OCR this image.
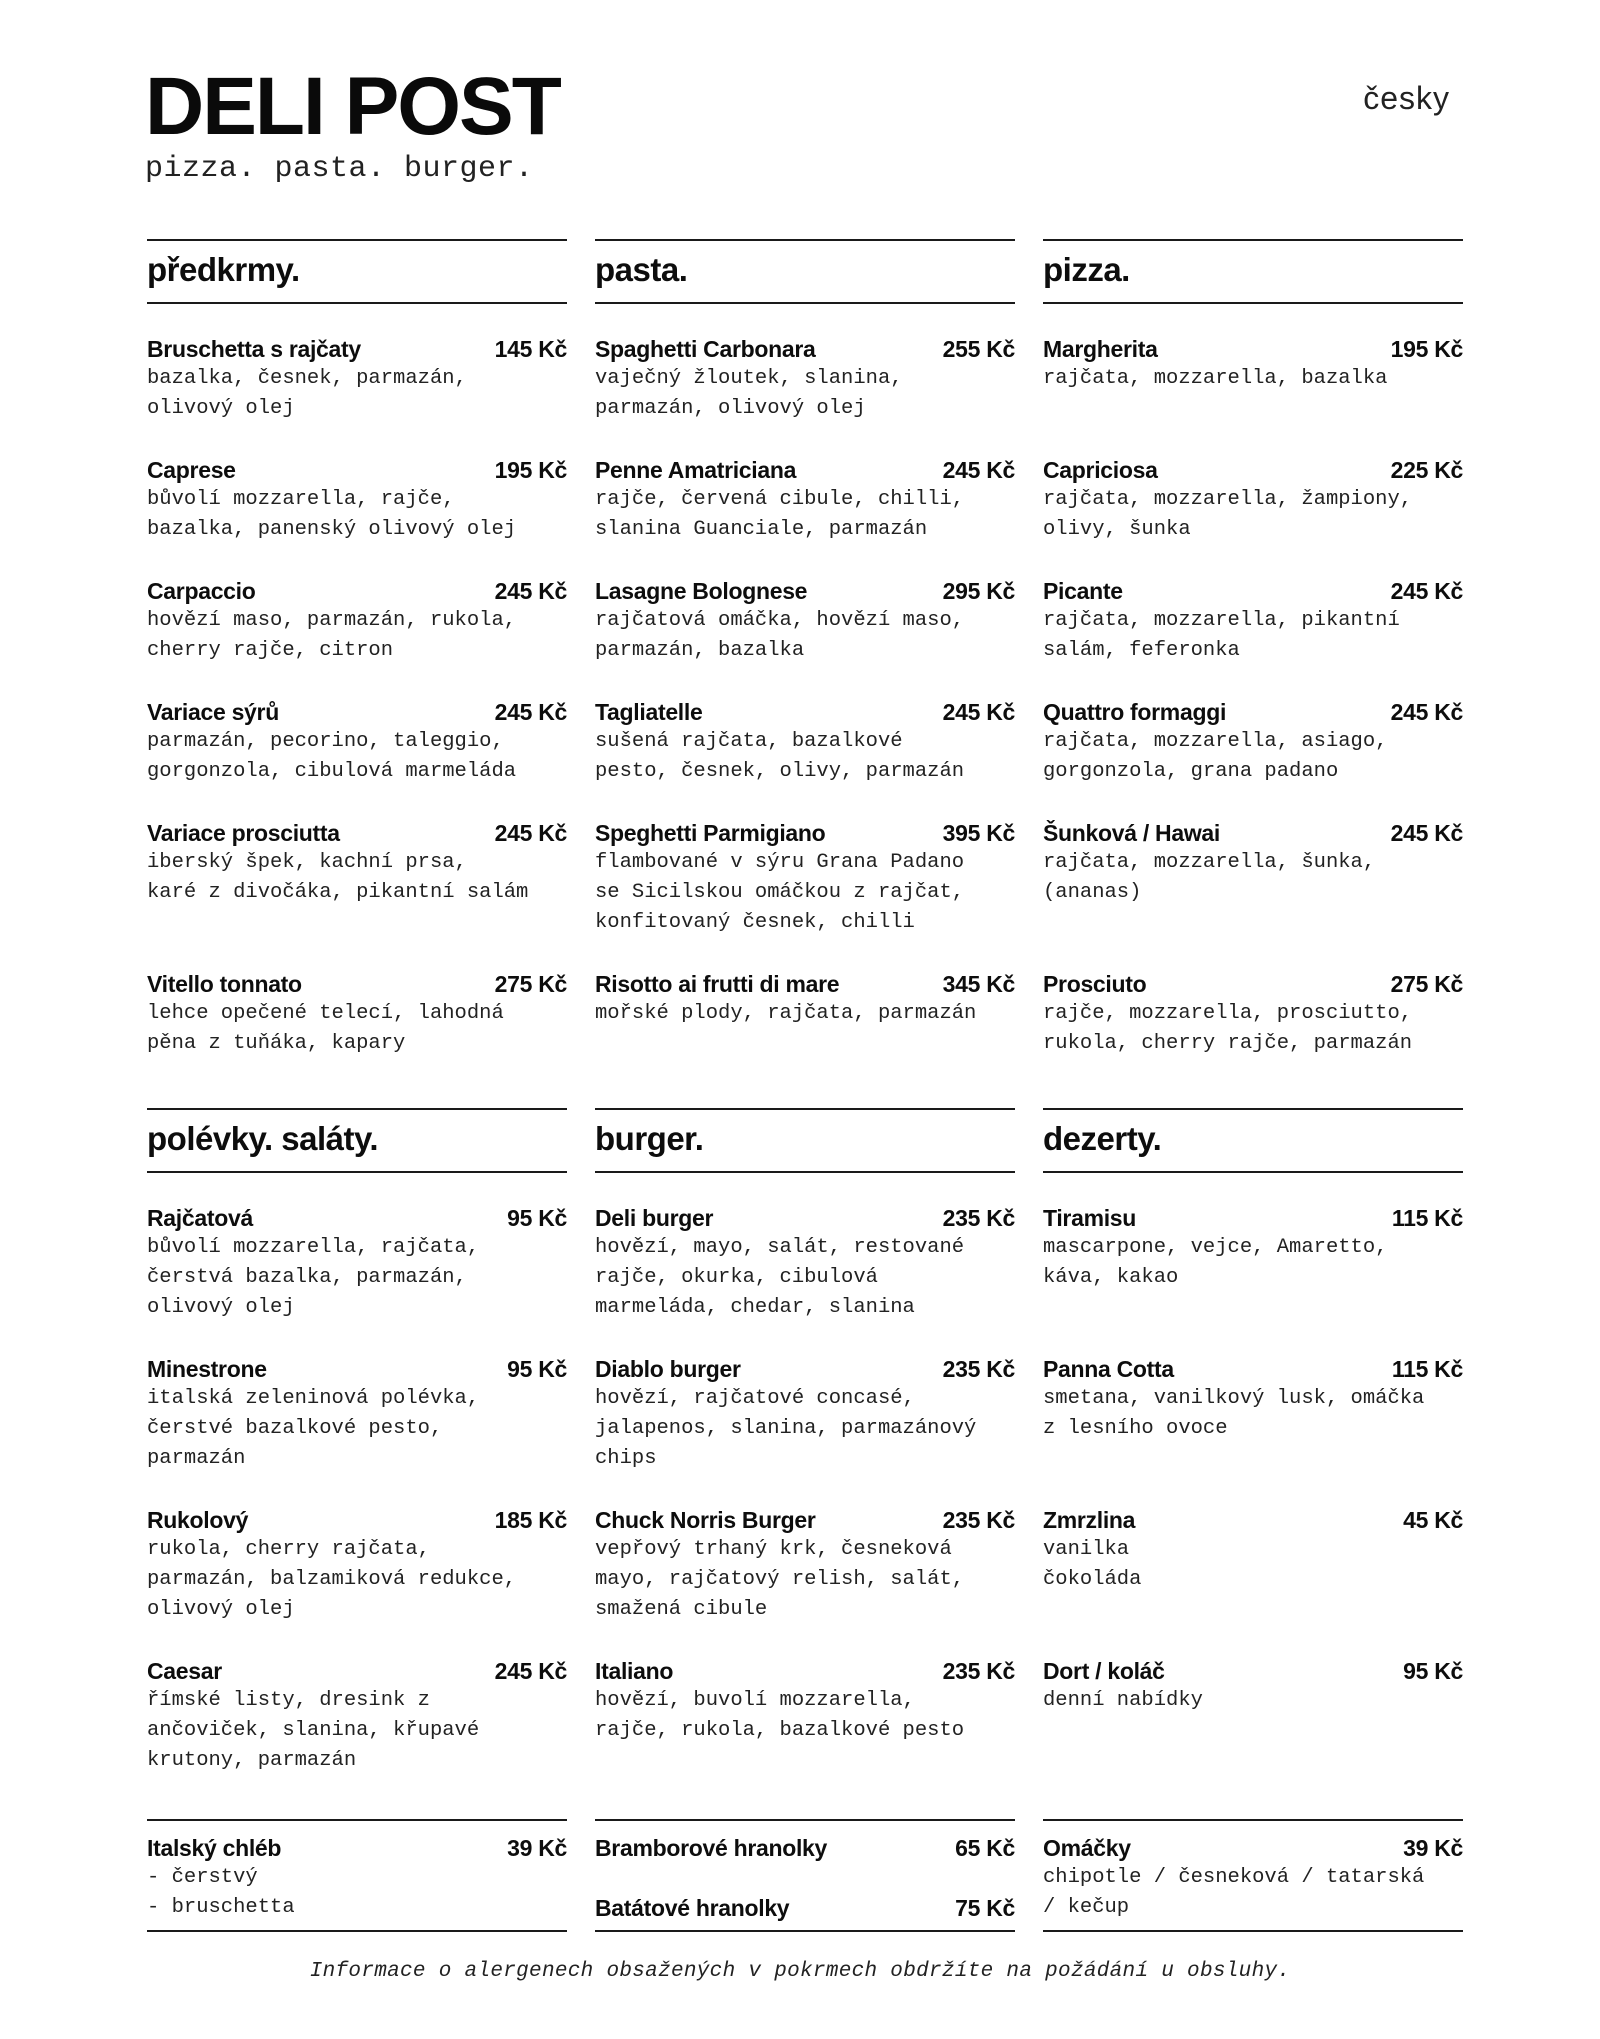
DELI POST
pizza. pasta. burger.
česky
předkrmy.
Bruschetta s rajčaty	145 Kč
bazalka, česnek, parmazán,
olivový olej
Caprese	195 Kč
bůvolí mozzarella, rajče,
bazalka, panenský olivový olej
Carpaccio	245 Kč
hovězí maso, parmazán, rukola,
cherry rajče, citron
Variace sýrů	245 Kč
parmazán, pecorino, taleggio,
gorgonzola, cibulová marmeláda
Variace prosciutta	245 Kč
iberský špek, kachní prsa,
karé z divočáka, pikantní salám
Vitello tonnato	275 Kč
lehce opečené telecí, lahodná
pěna z tuňáka, kapary
pasta.
Spaghetti Carbonara	255 Kč
vaječný žloutek, slanina,
parmazán, olivový olej
Penne Amatriciana	245 Kč
rajče, červená cibule, chilli,
slanina Guanciale, parmazán
Lasagne Bolognese	295 Kč
rajčatová omáčka, hovězí maso,
parmazán, bazalka
Tagliatelle	245 Kč
sušená rajčata, bazalkové
pesto, česnek, olivy, parmazán
Speghetti Parmigiano	395 Kč
flambované v sýru Grana Padano
se Sicilskou omáčkou z rajčat,
konfitovaný česnek, chilli
Risotto ai frutti di mare	345 Kč
mořské plody, rajčata, parmazán
pizza.
Margherita	195 Kč
rajčata, mozzarella, bazalka
Capriciosa	225 Kč
rajčata, mozzarella, žampiony,
olivy, šunka
Picante	245 Kč
rajčata, mozzarella, pikantní
salám, feferonka
Quattro formaggi	245 Kč
rajčata, mozzarella, asiago,
gorgonzola, grana padano
Šunková / Hawai	245 Kč
rajčata, mozzarella, šunka,
(ananas)
Prosciuto	275 Kč
rajče, mozzarella, prosciutto,
rukola, cherry rajče, parmazán
polévky. saláty.
Rajčatová	95 Kč
bůvolí mozzarella, rajčata,
čerstvá bazalka, parmazán,
olivový olej
Minestrone	95 Kč
italská zeleninová polévka,
čerstvé bazalkové pesto,
parmazán
Rukolový	185 Kč
rukola, cherry rajčata,
parmazán, balzamiková redukce,
olivový olej
Caesar	245 Kč
římské listy, dresink z
ančoviček, slanina, křupavé
krutony, parmazán
burger.
Deli burger	235 Kč
hovězí, mayo, salát, restované
rajče, okurka, cibulová
marmeláda, chedar, slanina
Diablo burger	235 Kč
hovězí, rajčatové concasé,
jalapenos, slanina, parmazánový
chips
Chuck Norris Burger	235 Kč
vepřový trhaný krk, česneková
mayo, rajčatový relish, salát,
smažená cibule
Italiano	235 Kč
hovězí, buvolí mozzarella,
rajče, rukola, bazalkové pesto
dezerty.
Tiramisu	115 Kč
mascarpone, vejce, Amaretto,
káva, kakao
Panna Cotta	115 Kč
smetana, vanilkový lusk, omáčka
z lesního ovoce
Zmrzlina	45 Kč
vanilka
čokoláda
Dort / koláč	95 Kč
denní nabídky
Italský chléb	39 Kč
- čerstvý
- bruschetta
Bramborové hranolky	65 Kč
Batátové hranolky	75 Kč
Omáčky	39 Kč
chipotle / česneková / tatarská
/ kečup
Informace o alergenech obsažených v pokrmech obdržíte na požádání u obsluhy.
